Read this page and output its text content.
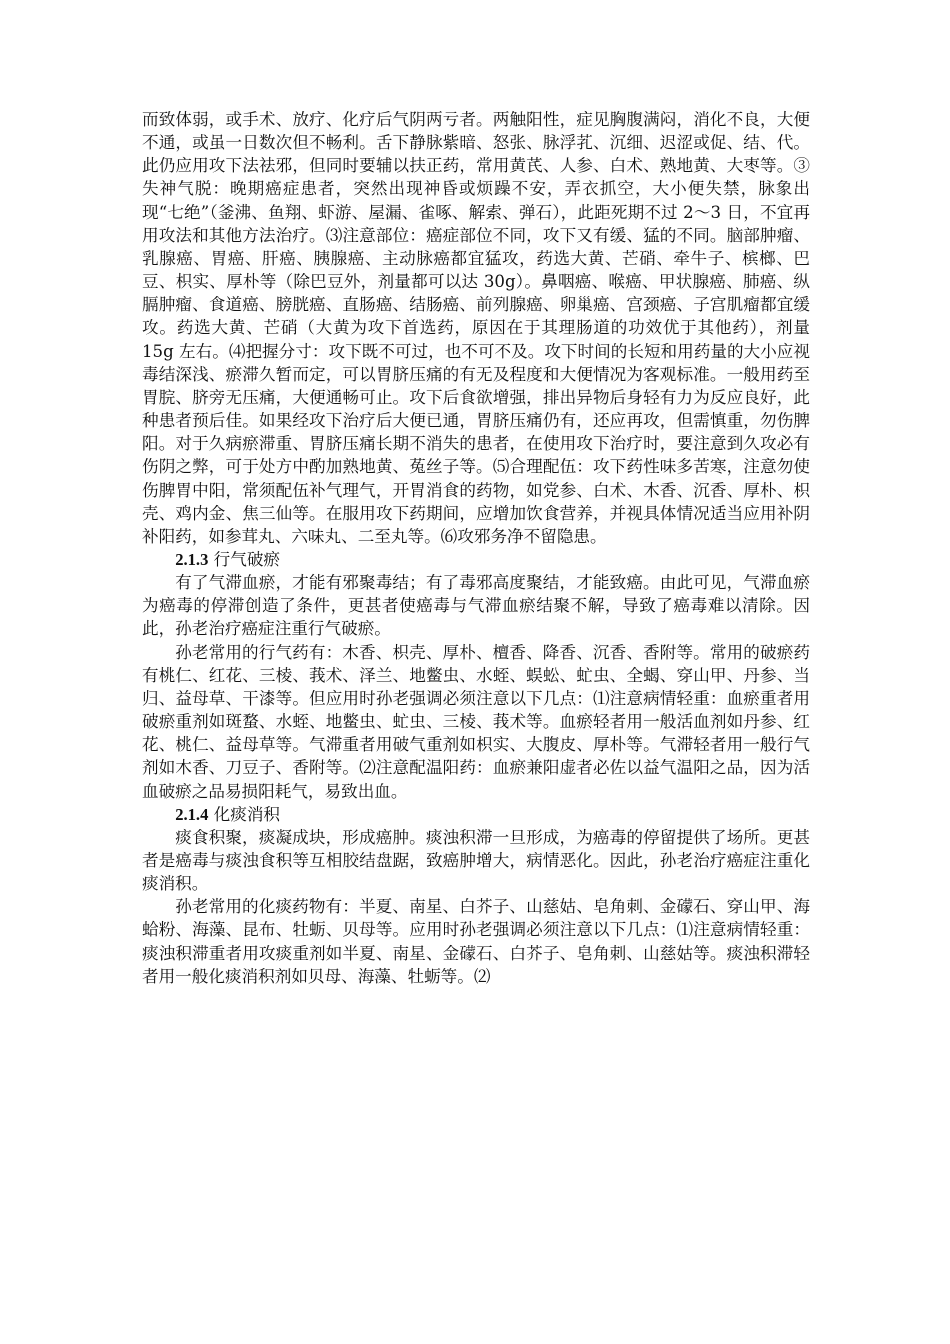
而致体弱，或手术、放疗、化疗后气阴两亏者。两触阳性，症见胸腹满闷，消化不良，大便不通，或虽一日数次但不畅利。舌下静脉紫暗、怒张、脉浮芤、沉细、迟涩或促、结、代。此仍应用攻下法祛邪，但同时要辅以扶正药，常用黄芪、人参、白术、熟地黄、大枣等。③失神气脱：晚期癌症患者，突然出现神昏或烦躁不安，弄衣抓空，大小便失禁，脉象出现“七绝”（釜沸、鱼翔、虾游、屋漏、雀啄、解索、弹石），此距死期不过 2～3 日，不宜再用攻法和其他方法治疗。⑶注意部位：癌症部位不同，攻下又有缓、猛的不同。脑部肿瘤、乳腺癌、胃癌、肝癌、胰腺癌、主动脉癌都宜猛攻，药选大黄、芒硝、牵牛子、槟榔、巴豆、枳实、厚朴等（除巴豆外，剂量都可以达 30g）。鼻咽癌、喉癌、甲状腺癌、肺癌、纵膈肿瘤、食道癌、膀胱癌、直肠癌、结肠癌、前列腺癌、卵巢癌、宫颈癌、子宫肌瘤都宜缓攻。药选大黄、芒硝（大黄为攻下首选药，原因在于其理肠道的功效优于其他药），剂量 15g 左右。⑷把握分寸：攻下既不可过，也不可不及。攻下时间的长短和用药量的大小应视毒结深浅、瘀滞久暂而定，可以胃脐压痛的有无及程度和大便情况为客观标准。一般用药至胃脘、脐旁无压痛，大便通畅可止。攻下后食欲增强，排出异物后身轻有力为反应良好，此种患者预后佳。如果经攻下治疗后大便已通，胃脐压痛仍有，还应再攻，但需慎重，勿伤脾阳。对于久病瘀滞重、胃脐压痛长期不消失的患者，在使用攻下治疗时，要注意到久攻必有伤阴之弊，可于处方中酌加熟地黄、菟丝子等。⑸合理配伍：攻下药性味多苦寒，注意勿使伤脾胃中阳，常须配伍补气理气，开胃消食的药物，如党参、白术、木香、沉香、厚朴、枳壳、鸡内金、焦三仙等。在服用攻下药期间，应增加饮食营养，并视具体情况适当应用补阴补阳药，如参茸丸、六味丸、二至丸等。⑹攻邪务净不留隐患。

2.1.3 行气破瘀

有了气滞血瘀，才能有邪聚毒结；有了毒邪高度聚结，才能致癌。由此可见，气滞血瘀为癌毒的停滞创造了条件，更甚者使癌毒与气滞血瘀结聚不解，导致了癌毒难以清除。因此，孙老治疗癌症注重行气破瘀。

孙老常用的行气药有：木香、枳壳、厚朴、檀香、降香、沉香、香附等。常用的破瘀药有桃仁、红花、三棱、莪术、泽兰、地鳖虫、水蛭、蜈蚣、虻虫、全蝎、穿山甲、丹参、当归、益母草、干漆等。但应用时孙老强调必须注意以下几点：⑴注意病情轻重：血瘀重者用破瘀重剂如斑蝥、水蛭、地鳖虫、虻虫、三棱、莪术等。血瘀轻者用一般活血剂如丹参、红花、桃仁、益母草等。气滞重者用破气重剂如枳实、大腹皮、厚朴等。气滞轻者用一般行气剂如木香、刀豆子、香附等。⑵注意配温阳药：血瘀兼阳虚者必佐以益气温阳之品，因为活血破瘀之品易损阳耗气，易致出血。

2.1.4 化痰消积

痰食积聚，痰凝成块，形成癌肿。痰浊积滞一旦形成，为癌毒的停留提供了场所。更甚者是癌毒与痰浊食积等互相胶结盘踞，致癌肿增大，病情恶化。因此，孙老治疗癌症注重化痰消积。

孙老常用的化痰药物有：半夏、南星、白芥子、山慈姑、皂角刺、金礞石、穿山甲、海蛤粉、海藻、昆布、牡蛎、贝母等。应用时孙老强调必须注意以下几点：⑴注意病情轻重：痰浊积滞重者用攻痰重剂如半夏、南星、金礞石、白芥子、皂角刺、山慈姑等。痰浊积滞轻者用一般化痰消积剂如贝母、海藻、牡蛎等。⑵
